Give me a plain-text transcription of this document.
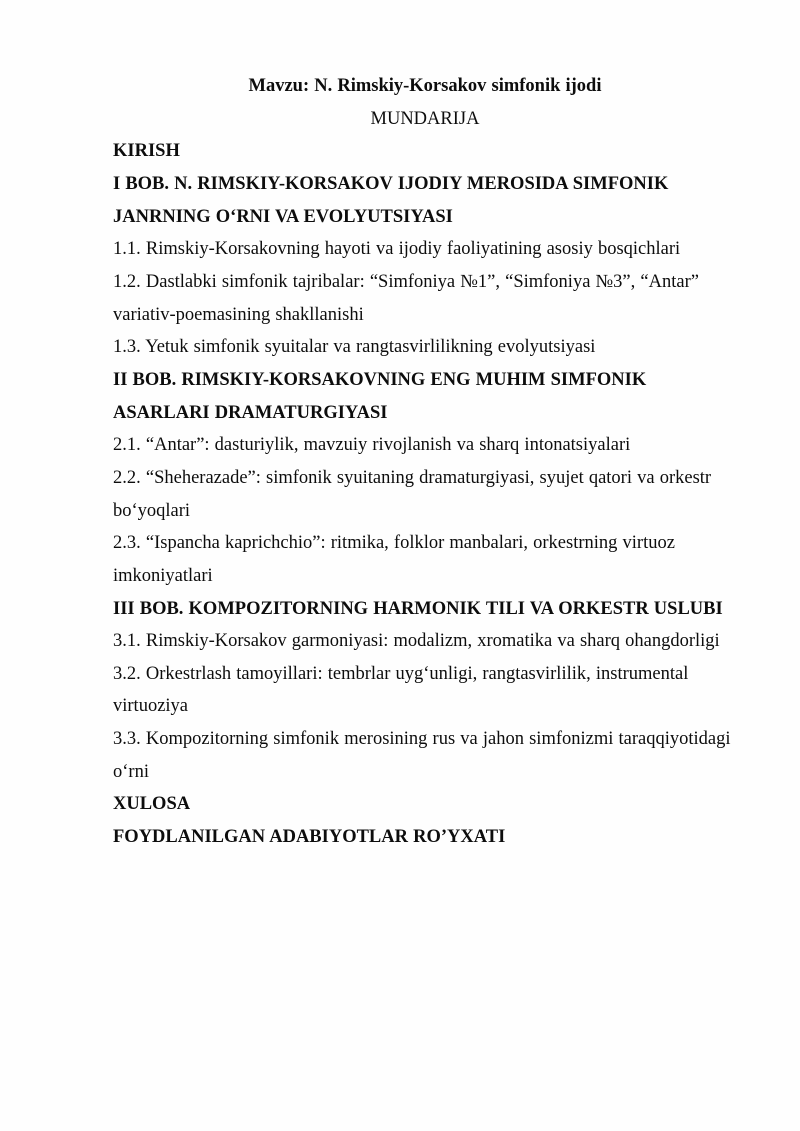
Mavzu: N. Rimskiy-Korsakov simfonik ijodi

MUNDARIJA

KIRISH

I BOB. N. RIMSKIY-KORSAKOV IJODIY MEROSIDA SIMFONIK JANRNING O‘RNI VA EVOLYUTSIYASI

1.1. Rimskiy-Korsakovning hayoti va ijodiy faoliyatining asosiy bosqichlari

1.2. Dastlabki simfonik tajribalar: “Simfoniya №1”, “Simfoniya №3”, “Antar” variativ-poemasining shakllanishi

1.3. Yetuk simfonik syuitalar va rangtasvirlilikning evolyutsiyasi

II BOB. RIMSKIY-KORSAKOVNING ENG MUHIM SIMFONIK ASARLARI DRAMATURGIYASI

2.1. “Antar”: dasturiylik, mavzuiy rivojlanish va sharq intonatsiyalari

2.2. “Sheherazade”: simfonik syuitaning dramaturgiyasi, syujet qatori va orkestr bo‘yoqlari

2.3. “Ispancha kaprichchio”: ritmika, folklor manbalari, orkestrning virtuoz imkoniyatlari

III BOB. KOMPOZITORNING HARMONIK TILI VA ORKESTR USLUBI

3.1. Rimskiy-Korsakov garmoniyasi: modalizm, xromatika va sharq ohangdorligi

3.2. Orkestrlash tamoyillari: tembrlar uyg‘unligi, rangtasvirlilik, instrumental virtuoziya

3.3. Kompozitorning simfonik merosining rus va jahon simfonizmi taraqqiyotidagi o‘rni

XULOSA

FOYDLANILGAN ADABIYOTLAR RO’YXATI
